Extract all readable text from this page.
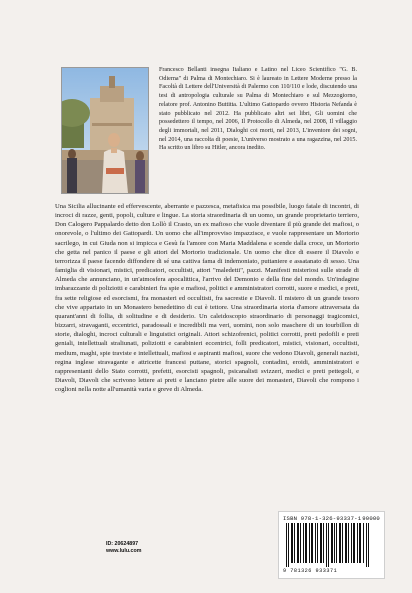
Francesco Bellanti insegna Italiano e Latino nel Liceo Scientifico "G. B. Odierna" di Palma di Montechiaro. Si è laureato in Lettere Moderne presso la Facoltà di Lettere dell'Università di Palermo con 110/110 e lode, discutendo una tesi di antropologia culturale su Palma di Montechiaro e sul Mezzogiorno, relatore prof. Antonino Buttitta. L'ultimo Gattopardo ovvero Historia Nefanda è stato pubblicato nel 2012. Ha pubblicato altri sei libri, Gli uomini che possedettero il tempo, nel 2006, Il Protocollo di Almeda, nel 2008, Il villaggio degli immortali, nel 2011, Dialoghi coi morti, nel 2013, L'inventore dei sogni, nel 2014, una raccolta di poesie, L'universo mostrato a una ragazzina, nel 2015. Ha scritto un libro su Hitler, ancora inedito.
Una Sicilia allucinante ed effervescente, aberrante e pazzesca, metafisica ma possibile, luogo fatale di incontri, di incroci di razze, genti, popoli, culture e lingue. La storia straordinaria di un uomo, un grande proprietario terriero, Don Calogero Pappalardo detto don Lollò il Crasto, un ex mafioso che vuole diventare il più grande dei mafiosi, o onorevole, o l'ultimo dei Gattopardi. Un uomo che all'improvviso impazzisce, e vuole rappresentare un Mortorio sacrilego, in cui Giuda non si impicca e Gesù fa l'amore con Maria Maddalena e scende dalla croce, un Mortorio che getta nel panico il paese e gli attori del Mortorio tradizionale. Un uomo che dice di essere il Diavolo e terrorizza il paese facendo diffondere di sé una cattiva fama di indemoniato, puttaniere e assatanato di sesso. Una famiglia di visionari, mistici, predicatori, occultisti, attori "maledetti", pazzi. Manifesti misteriosi sulle strade di Almeda che annunciano, in un'atmosfera apocalittica, l'arrivo del Demonio e della fine del mondo. Un'indagine imbarazzante di poliziotti e carabinieri fra spie e mafiosi, politici e amministratori corrotti, suore e medici, e preti, fra sette religiose ed esorcismi, fra monasteri ed occultisti, fra sacrestie e Diavoli. Il mistero di un grande tesoro che vive appartato in un Monastero benedettino di cui è tettore. Una straordinaria storia d'amore attraversata da quarant'anni di follia, di solitudine e di desiderio. Un caleidoscopio straordinario di personaggi tragicomici, bizzarri, stravaganti, eccentrici, paradossali e incredibili ma veri, uomini, non solo maschere di un tourbillon di storie, dialoghi, incroci culturali e linguistici originali. Attori schizofrenici, politici corrotti, preti pedofili e preti geniali, intellettuali straliunati, poliziotti e carabinieri eccentrici, folli predicatori, mistici, visionari, occultisti, medium, maghi, spie traviste e intellettuali, mafiosi e aspiranti mafiosi, suore che vedono Diavoli, generali nazisti, regina inglese stravagante e attricette francesi puttane, storici spagnoli, contadini, eroidi, amministratori e rappresentanti dello Stato corrotti, prefetti, esorcisti spagnoli, psicanalisti svizzeri, medici e preti pettegoli, e Diavoli, Diavoli che scrivono lettere ai preti e lanciano pietre alle suore dei monasteri, Diavoli che rompono i coglioni nella notte all'umanità varia e greve di Almeda.
ID: 20624897
www.lulu.com
ISBN 978-1-326-93337-1 90000
9 781326 933371
